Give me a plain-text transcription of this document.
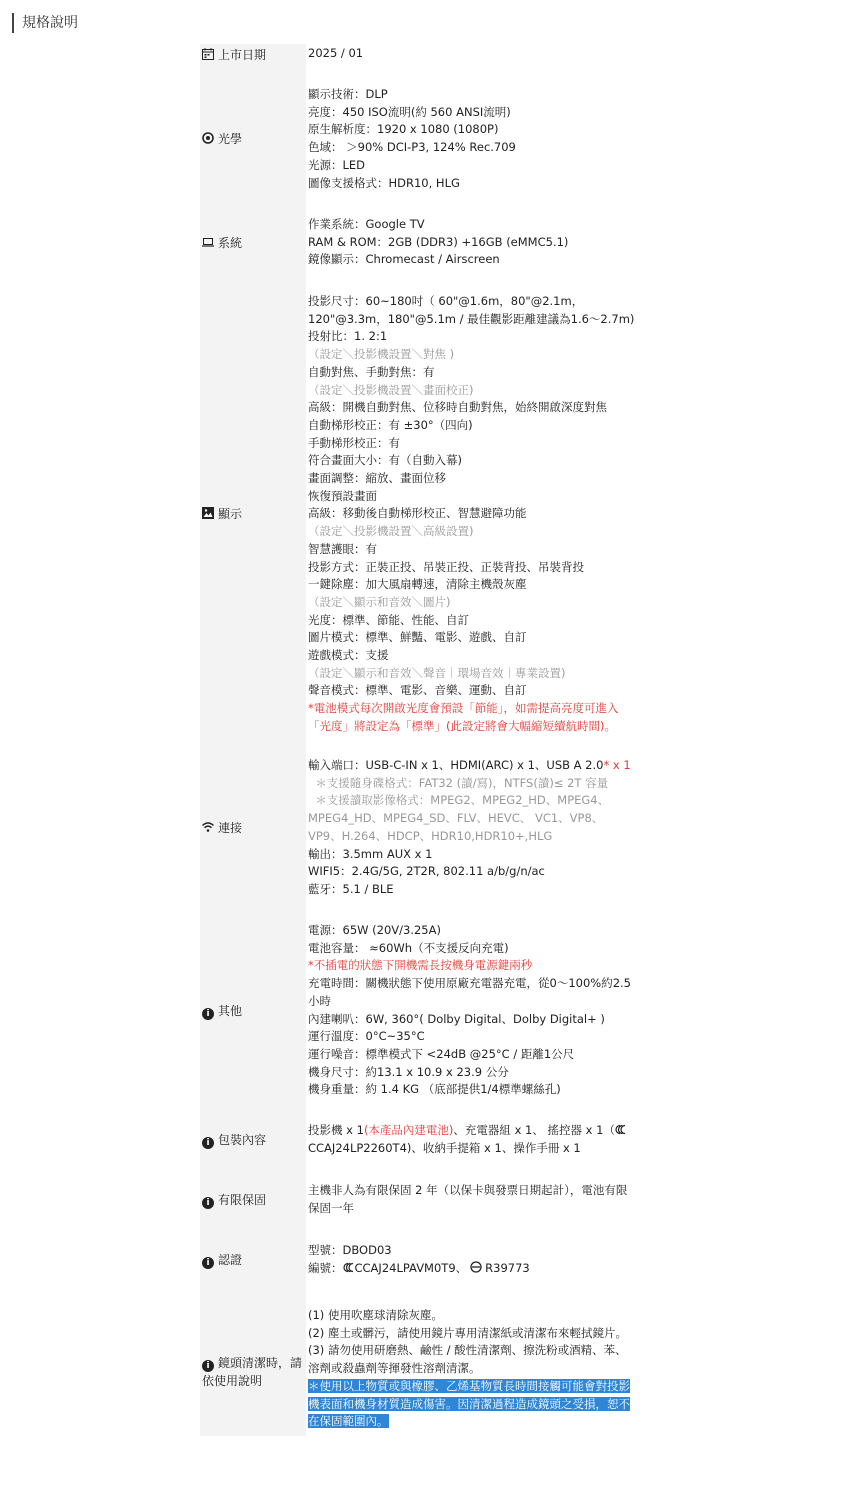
規格說明
上市日期	2025 / 01
光學
顯示技術：DLP
亮度：450 ISO流明(約 560 ANSI流明)
原生解析度：1920 x 1080 (1080P)
色域： ＞90% DCI-P3, 124% Rec.709
光源：LED
圖像支援格式：HDR10, HLG
系統
作業系統：Google TV
RAM & ROM：2GB (DDR3) +16GB (eMMC5.1)
鏡像顯示：Chromecast / Airscreen
顯示
投影尺寸：60~180吋（ 60"@1.6m，80"@2.1m，
120"@3.3m，180"@5.1m / 最佳觀影距離建議為1.6～2.7m)
投射比：1. 2:1
（設定＼投影機設置＼對焦 )
自動對焦、手動對焦：有
（設定＼投影機設置＼畫面校正)
高級：開機自動對焦、位移時自動對焦，始終開啟深度對焦
自動梯形校正：有 ±30°（四向)
手動梯形校正：有
符合畫面大小：有（自動入幕)
畫面調整：縮放、畫面位移
恢復預設畫面
高級：移動後自動梯形校正、智慧避障功能
（設定＼投影機設置＼高級設置)
智慧護眼：有
投影方式：正裝正投、吊裝正投、正裝背投、吊裝背投
一鍵除塵：加大風扇轉速，清除主機殼灰塵
（設定＼顯示和音效＼圖片)
光度：標準、節能、性能、自訂
圖片模式：標準、鮮豔、電影、遊戲、自訂
遊戲模式：支援
（設定＼顯示和音效＼聲音｜環場音效｜專業設置)
聲音模式：標準、電影、音樂、運動、自訂
*電池模式每次開啟光度會預設「節能」，如需提高亮度可進入
「光度」將設定為「標準」(此設定將會大幅縮短續航時間)。
連接
輸入端口：USB-C-IN x 1、HDMI(ARC) x 1、USB A 2.0* x 1
＊支援隨身碟格式：FAT32 (讀/寫)，NTFS(讀)≤ 2T 容量
＊支援讀取影像格式：MPEG2、MPEG2_HD、MPEG4、
MPEG4_HD、MPEG4_SD、FLV、HEVC、 VC1、VP8、
VP9、H.264、HDCP、HDR10,HDR10+,HLG
輸出：3.5mm AUX x 1
WIFI5：2.4G/5G, 2T2R, 802.11 a/b/g/n/ac
藍牙：5.1 / BLE
i 其他
電源：65W (20V/3.25A)
電池容量： ≈60Wh（不支援反向充電)
*不插電的狀態下開機需長按機身電源鍵兩秒
充電時間：關機狀態下使用原廠充電器充電，從0～100%約2.5
小時
內建喇叭：6W, 360°( Dolby Digital、Dolby Digital+ )
運行溫度：0°C~35°C
運行噪音：標準模式下 <24dB @25°C / 距離1公尺
機身尺寸：約13.1 x 10.9 x 23.9 公分
機身重量：約 1.4 KG （底部提供1/4標準螺絲孔)
i 包裝內容
投影機 x 1(本產品內建電池)、充電器組 x 1、 搖控器 x 1（
CCAJ24LP2260T4)、收納手提箱 x 1、操作手冊 x 1
i 有限保固
主機非人為有限保固 2 年（以保卡與發票日期起計），電池有限
保固一年
i 認證
型號：DBOD03
編號： CCAJ24LPAVM0T9、 R39773
i 鏡頭清潔時，請依使用說明
(1) 使用吹塵球清除灰塵。
(2) 塵土或髒污，請使用鏡片專用清潔紙或清潔布來輕拭鏡片。
(3) 請勿使用研磨熱、鹼性 / 酸性清潔劑、擦洗粉或酒精、苯、
溶劑或殺蟲劑等揮發性溶劑清潔。
＊使用以上物質或與橡膠、乙烯基物質長時間接觸可能會對投影
機表面和機身材質造成傷害。因清潔過程造成鏡頭之受損，恕不
在保固範圍內。
